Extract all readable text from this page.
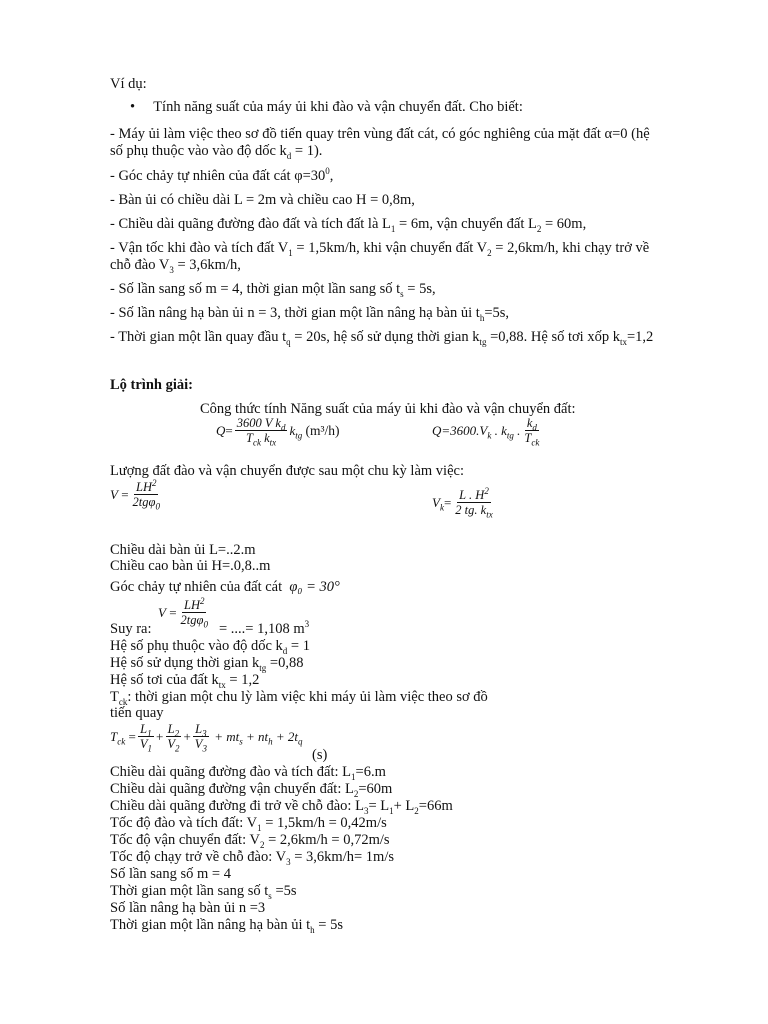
Ví dụ:
• Tính năng suất của máy ủi khi đào và vận chuyển đất. Cho biết:
- Máy ủi làm việc theo sơ đồ tiến quay trên vùng đất cát, có góc nghiêng của mặt đất α=0 (hệ
số phụ thuộc vào vào độ dốc $k_d = 1$).
- Góc chảy tự nhiên của đất cát $\varphi=30^0$,
- Bàn ủi có chiều dài L = 2m và chiều cao H = 0,8m,
- Chiều dài quãng đường đào đất và tích đất là $L_1 = 6m$, vận chuyển đất $L_2 = 60m$,
- Vận tốc khi đào và tích đất $V_1 = 1,5km/h$, khi vận chuyển đất $V_2 = 2,6km/h$, khi chạy trở về
chỗ đào $V_3 = 3,6km/h$,
- Số lần sang số m = 4, thời gian một lần sang số $t_s = 5s$,
- Số lần nâng hạ bàn ủi n = 3, thời gian một lần nâng hạ bàn ủi $t_h=5s$,
- Thời gian một lần quay đầu $t_q = 20s$, hệ số sử dụng thời gian $k_{tg} =0,88$. Hệ số tơi xốp $k_{tx}=1,2$
Lộ trình giải:
Công thức tính Năng suất của máy ủi khi đào và vận chuyển đất:
$Q = \frac{3600 V k_d}{T_{ck} k_{tx}} k_{tg}$
(m³/h)	Q=3600. $V_k$ . $k_{tg}$ . $\frac{k_d}{T_{ck}}$
Lượng đất đào và vận chuyển được sau một chu kỳ làm việc:
$V = \frac{LH^2}{2tg\varphi_0}$	$V_k = \frac{L . H^2}{2 tg. k_{tx}}$
Chiều dài bàn ủi L=..2.m
Chiều cao bàn ủi H=.0,8..m
Góc chảy tự nhiên của đất cát  φ₀ = 30°
$V = \frac{LH^2}{2tg\varphi_0}$
Suy ra:	= ....= 1,108 $m^3$
Hệ số phụ thuộc vào độ dốc $k_d = 1$
Hệ số sử dụng thời gian $k_{tg} =0,88$
Hệ số tơi của đất $k_{tx} = 1,2$
$T_{ck}$: thời gian một chu lỳ làm việc khi máy ủi làm việc theo sơ đồ
tiến quay
$T_{ck} = \frac{L_1}{V_1} + \frac{L_2}{V_2} + \frac{L_3}{V_3} + mt_s + nt_h + 2t_q$
(s)
Chiều dài quãng đường đào và tích đất: $L_1=6.m$
Chiều dài quãng đường vận chuyển đất: $L_2=60m$
Chiều dài quãng đường đi trở về chỗ đào: $L_3= L_1+ L_2=66m$
Tốc độ đào và tích đất: $V_1 = 1,5km/h = 0,42m/s$
Tốc độ vận chuyển đất: $V_2 = 2,6km/h = 0,72m/s$
Tốc độ chạy trở về chỗ đào: $V_3 = 3,6km/h= 1m/s$
Số lần sang số m = 4
Thời gian một lần sang số $t_s =5s$
Số lần nâng hạ bàn ủi n =3
Thời gian một lần nâng hạ bàn ủi $t_h = 5s$
